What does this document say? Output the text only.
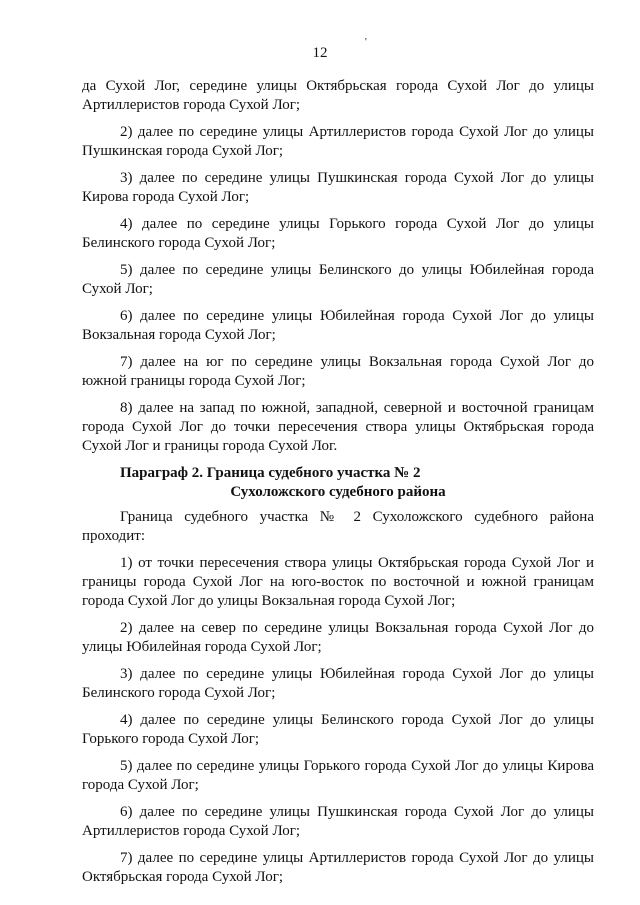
12
'

да Сухой Лог, середине улицы Октябрьская города Сухой Лог до улицы Артиллеристов города Сухой Лог;

2) далее по середине улицы Артиллеристов города Сухой Лог до улицы Пушкинская города Сухой Лог;

3) далее по середине улицы Пушкинская города Сухой Лог до улицы Кирова города Сухой Лог;

4) далее по середине улицы Горького города Сухой Лог до улицы Белинского города Сухой Лог;

5) далее по середине улицы Белинского до улицы Юбилейная города Сухой Лог;

6) далее по середине улицы Юбилейная города Сухой Лог до улицы Вокзальная города Сухой Лог;

7) далее на юг по середине улицы Вокзальная города Сухой Лог до южной границы города Сухой Лог;

8) далее на запад по южной, западной, северной и восточной границам города Сухой Лог до точки пересечения створа улицы Октябрьская города Сухой Лог и границы города Сухой Лог.

Параграф 2. Граница судебного участка № 2
Сухоложского судебного района

Граница судебного участка № 2 Сухоложского судебного района проходит:

1) от точки пересечения створа улицы Октябрьская города Сухой Лог и границы города Сухой Лог на юго-восток по восточной и южной границам города Сухой Лог до улицы Вокзальная города Сухой Лог;

2) далее на север по середине улицы Вокзальная города Сухой Лог до улицы Юбилейная города Сухой Лог;

3) далее по середине улицы Юбилейная города Сухой Лог до улицы Белинского города Сухой Лог;

4) далее по середине улицы Белинского города Сухой Лог до улицы Горького города Сухой Лог;

5) далее по середине улицы Горького города Сухой Лог до улицы Кирова города Сухой Лог;

6) далее по середине улицы Пушкинская города Сухой Лог до улицы Артиллеристов города Сухой Лог;

7) далее по середине улицы Артиллеристов города Сухой Лог до улицы Октябрьская города Сухой Лог;
